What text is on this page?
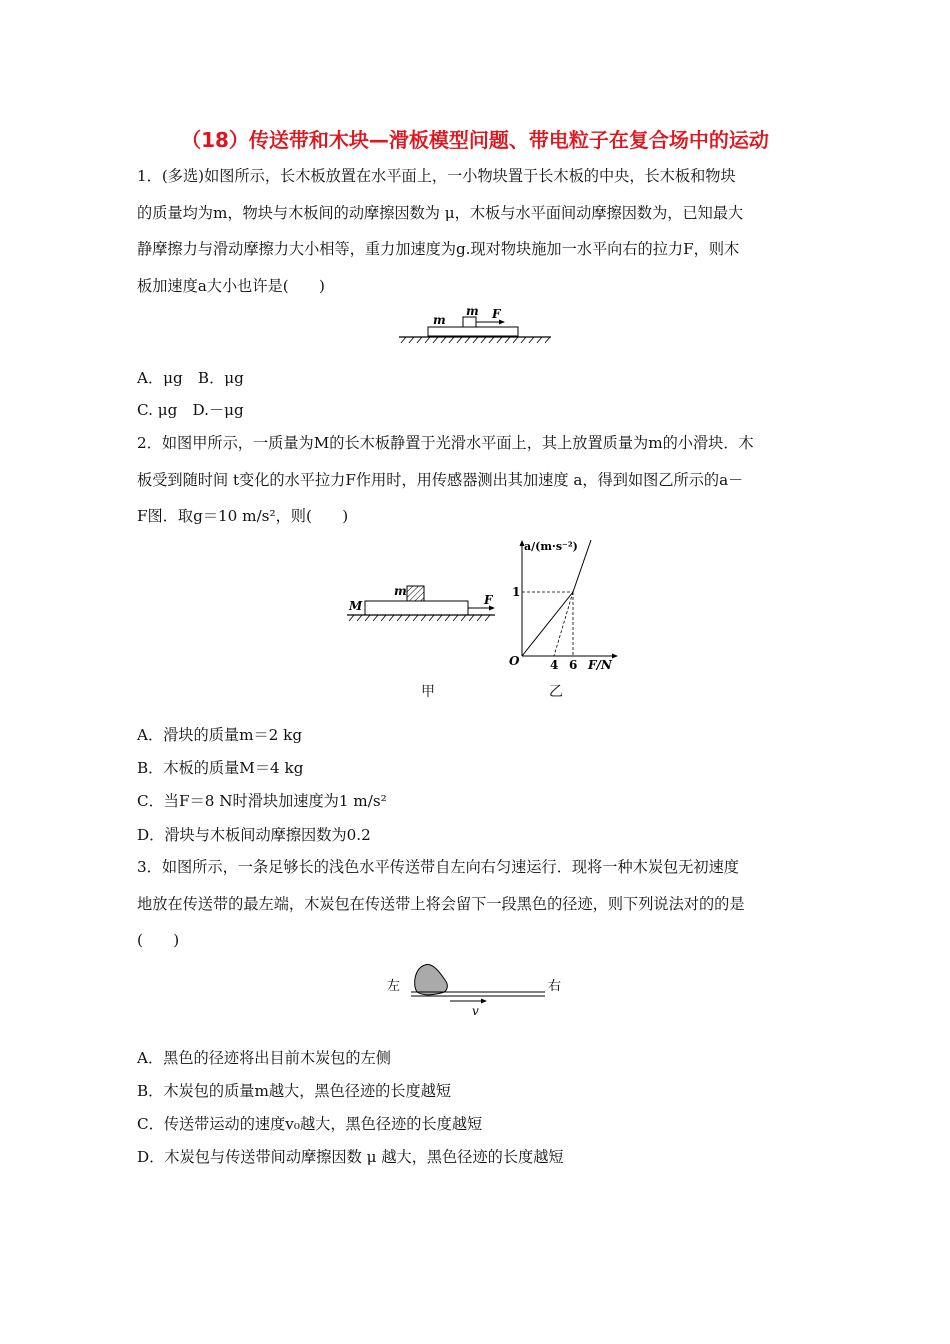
（18）传送带和木块—滑板模型问题、带电粒子在复合场中的运动
1．(多选)如图所示，长木板放置在水平面上，一小物块置于长木板的中央，长木板和物块
的质量均为m，物块与木板间的动摩擦因数为 μ，木板与水平面间动摩擦因数为，已知最大
静摩擦力与滑动摩擦力大小相等，重力加速度为g.现对物块施加一水平向右的拉力F，则木
板加速度a大小也许是(　　)
m
m	F
A．μg　B．μg
C. μg　D.－μg
2．如图甲所示，一质量为M的长木板静置于光滑水平面上，其上放置质量为m的小滑块．木
板受到随时间 t变化的水平拉力F作用时，用传感器测出其加速度 a，得到如图乙所示的a－
F图．取g＝10 m/s²，则(　　)
m
M	F
甲
a/(m·s⁻²)
F/N
O
1
4 6
乙
A．滑块的质量m＝2 kg
B．木板的质量M＝4 kg
C．当F＝8 N时滑块加速度为1 m/s²
D．滑块与木板间动摩擦因数为0.2
3．如图所示，一条足够长的浅色水平传送带自左向右匀速运行．现将一种木炭包无初速度
地放在传送带的最左端，木炭包在传送带上将会留下一段黑色的径迹，则下列说法对的的是
(　　)
左	右
v
A．黑色的径迹将出目前木炭包的左侧
B．木炭包的质量m越大，黑色径迹的长度越短
C．传送带运动的速度v₀越大，黑色径迹的长度越短
D．木炭包与传送带间动摩擦因数 μ 越大，黑色径迹的长度越短
